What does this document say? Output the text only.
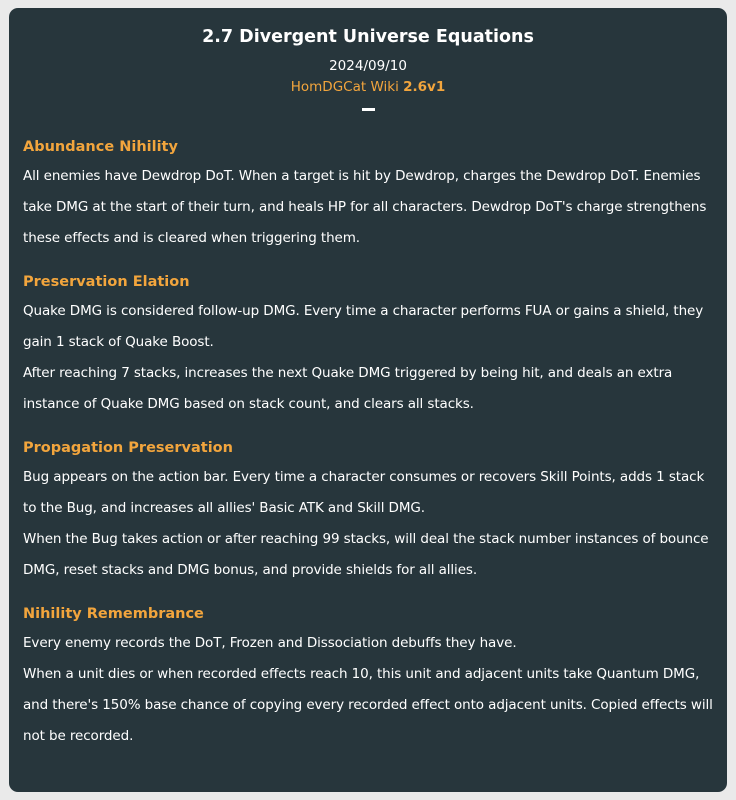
2.7 Divergent Universe Equations
2024/09/10
HomDGCat Wiki 2.6v1
Abundance Nihility

All enemies have Dewdrop DoT. When a target is hit by Dewdrop, charges the Dewdrop DoT. Enemies take DMG at the start of their turn, and heals HP for all characters. Dewdrop DoT's charge strengthens these effects and is cleared when triggering them.

Preservation Elation

Quake DMG is considered follow-up DMG. Every time a character performs FUA or gains a shield, they gain 1 stack of Quake Boost.

After reaching 7 stacks, increases the next Quake DMG triggered by being hit, and deals an extra instance of Quake DMG based on stack count, and clears all stacks.

Propagation Preservation

Bug appears on the action bar. Every time a character consumes or recovers Skill Points, adds 1 stack to the Bug, and increases all allies' Basic ATK and Skill DMG.

When the Bug takes action or after reaching 99 stacks, will deal the stack number instances of bounce DMG, reset stacks and DMG bonus, and provide shields for all allies.

Nihility Remembrance

Every enemy records the DoT, Frozen and Dissociation debuffs they have.

When a unit dies or when recorded effects reach 10, this unit and adjacent units take Quantum DMG, and there's 150% base chance of copying every recorded effect onto adjacent units. Copied effects will not be recorded.
